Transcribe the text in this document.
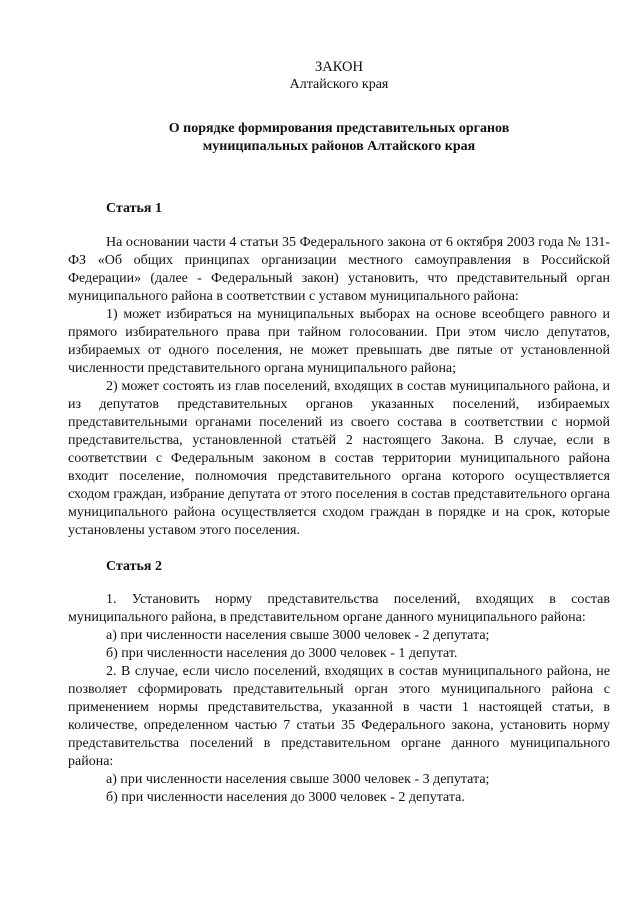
ЗАКОН
Алтайского края
О порядке формирования представительных органов
муниципальных районов Алтайского края
Статья 1

На основании части 4 статьи 35 Федерального закона от 6 октября 2003 года № 131-ФЗ «Об общих принципах организации местного самоуправления в Российской Федерации» (далее - Федеральный закон) установить, что представительный орган муниципального района в соответствии с уставом муниципального района:

1) может избираться на муниципальных выборах на основе всеобщего равного и прямого избирательного права при тайном голосовании. При этом число депутатов, избираемых от одного поселения, не может превышать две пятые от установленной численности представительного органа муниципального района;

2) может состоять из глав поселений, входящих в состав муниципального района, и из депутатов представительных органов указанных поселений, избираемых представительными органами поселений из своего состава в соответствии с нормой представительства, установленной статьёй 2 настоящего Закона. В случае, если в соответствии с Федеральным законом в состав территории муниципального района входит поселение, полномочия представительного органа которого осуществляется сходом граждан, избрание депутата от этого поселения в состав представительного органа муниципального района осуществляется сходом граждан в порядке и на срок, которые установлены уставом этого поселения.

Статья 2

1. Установить норму представительства поселений, входящих в состав муниципального района, в представительном органе данного муниципального района:

а) при численности населения свыше 3000 человек - 2 депутата;

б) при численности населения до 3000 человек - 1 депутат.

2. В случае, если число поселений, входящих в состав муниципального района, не позволяет сформировать представительный орган этого муниципального района с применением нормы представительства, указанной в части 1 настоящей статьи, в количестве, определенном частью 7 статьи 35 Федерального закона, установить норму представительства поселений в представительном органе данного муниципального района:

а) при численности населения свыше 3000 человек - 3 депутата;

б) при численности населения до 3000 человек - 2 депутата.
